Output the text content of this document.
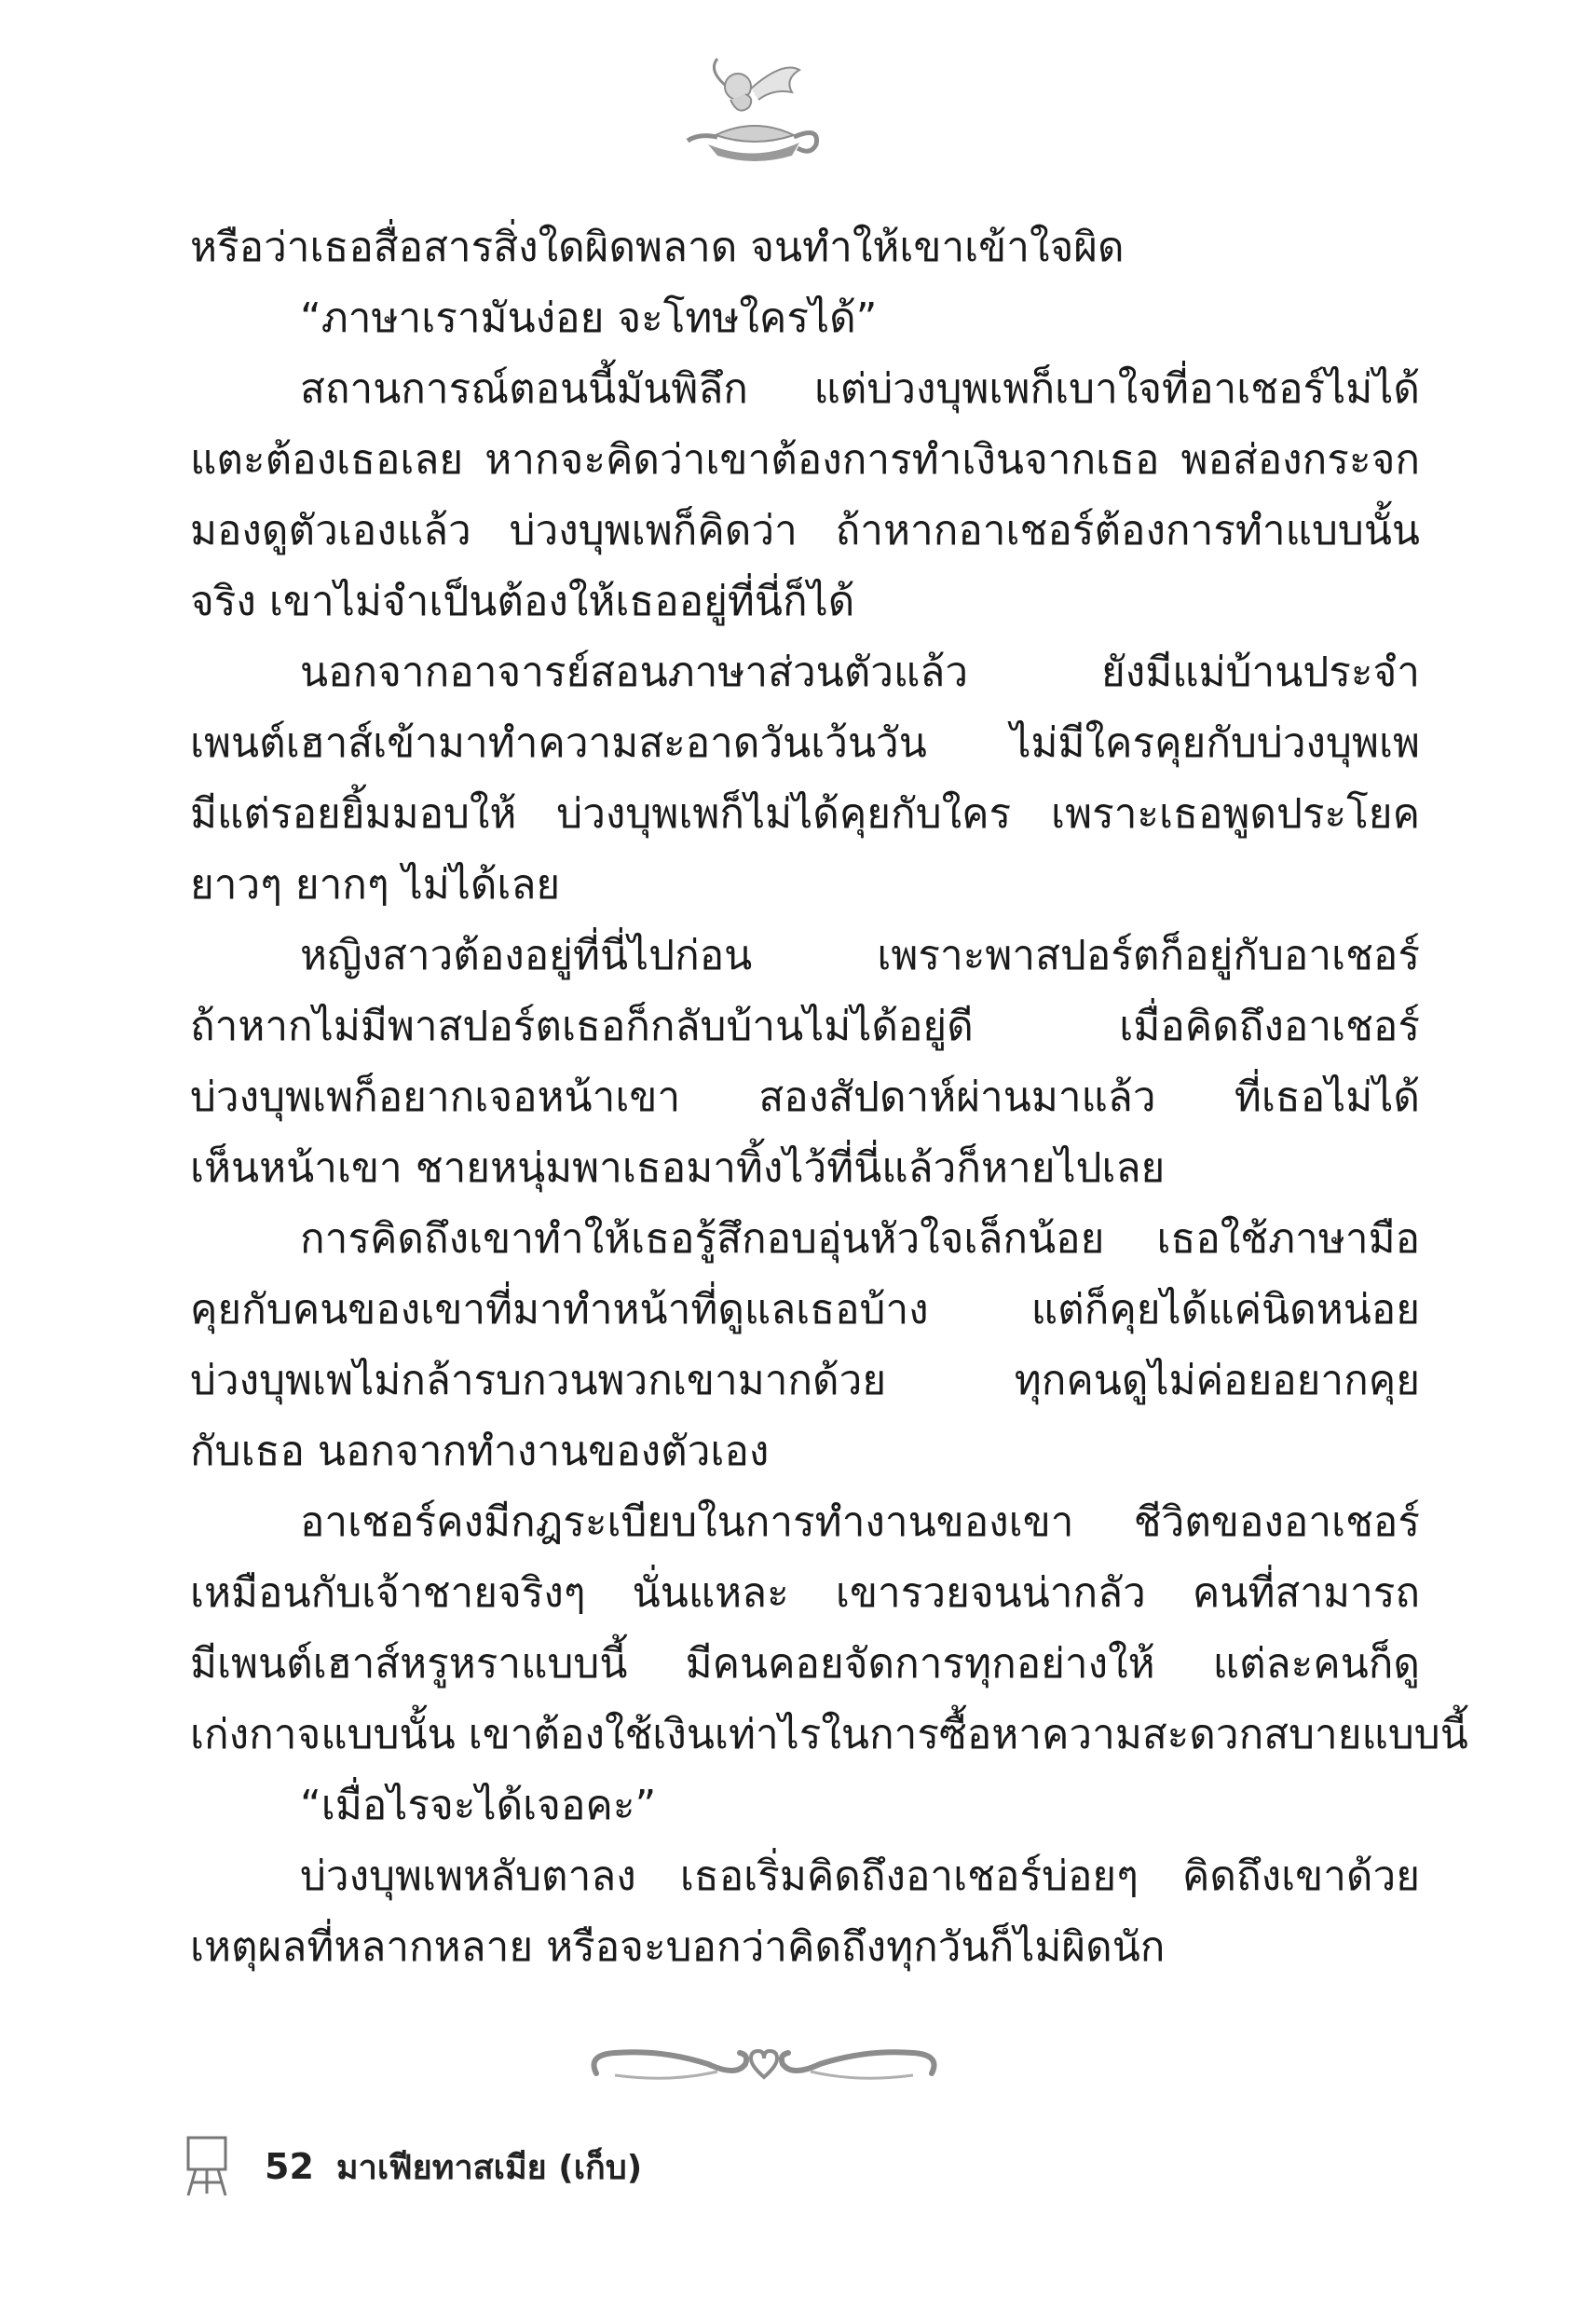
หรือว่าเธอสื่อสารสิ่งใดผิดพลาด จนทำให้เขาเข้าใจผิด
“ภาษาเรามันง่อย จะโทษใครได้”
สถานการณ์ตอนนี้มันพิลึก แต่บ่วงบุพเพก็เบาใจที่อาเชอร์ไม่ได้
แตะต้องเธอเลย หากจะคิดว่าเขาต้องการทำเงินจากเธอ พอส่องกระจก
มองดูตัวเองแล้ว บ่วงบุพเพก็คิดว่า ถ้าหากอาเชอร์ต้องการทำแบบนั้น
จริง เขาไม่จำเป็นต้องให้เธออยู่ที่นี่ก็ได้
นอกจากอาจารย์สอนภาษาส่วนตัวแล้ว ยังมีแม่บ้านประจำ
เพนต์เฮาส์เข้ามาทำความสะอาดวันเว้นวัน ไม่มีใครคุยกับบ่วงบุพเพ
มีแต่รอยยิ้มมอบให้ บ่วงบุพเพก็ไม่ได้คุยกับใคร เพราะเธอพูดประโยค
ยาวๆ ยากๆ ไม่ได้เลย
หญิงสาวต้องอยู่ที่นี่ไปก่อน เพราะพาสปอร์ตก็อยู่กับอาเชอร์
ถ้าหากไม่มีพาสปอร์ตเธอก็กลับบ้านไม่ได้อยู่ดี เมื่อคิดถึงอาเชอร์
บ่วงบุพเพก็อยากเจอหน้าเขา สองสัปดาห์ผ่านมาแล้ว ที่เธอไม่ได้
เห็นหน้าเขา ชายหนุ่มพาเธอมาทิ้งไว้ที่นี่แล้วก็หายไปเลย
การคิดถึงเขาทำให้เธอรู้สึกอบอุ่นหัวใจเล็กน้อย เธอใช้ภาษามือ
คุยกับคนของเขาที่มาทำหน้าที่ดูแลเธอบ้าง แต่ก็คุยได้แค่นิดหน่อย
บ่วงบุพเพไม่กล้ารบกวนพวกเขามากด้วย ทุกคนดูไม่ค่อยอยากคุย
กับเธอ นอกจากทำงานของตัวเอง
อาเชอร์คงมีกฎระเบียบในการทำงานของเขา ชีวิตของอาเชอร์
เหมือนกับเจ้าชายจริงๆ นั่นแหละ เขารวยจนน่ากลัว คนที่สามารถ
มีเพนต์เฮาส์หรูหราแบบนี้ มีคนคอยจัดการทุกอย่างให้ แต่ละคนก็ดู
เก่งกาจแบบนั้น เขาต้องใช้เงินเท่าไรในการซื้อหาความสะดวกสบายแบบนี้
“เมื่อไรจะได้เจอคะ”
บ่วงบุพเพหลับตาลง เธอเริ่มคิดถึงอาเชอร์บ่อยๆ คิดถึงเขาด้วย
เหตุผลที่หลากหลาย หรือจะบอกว่าคิดถึงทุกวันก็ไม่ผิดนัก
52 มาเฟียทาสเมีย (เก็บ)
